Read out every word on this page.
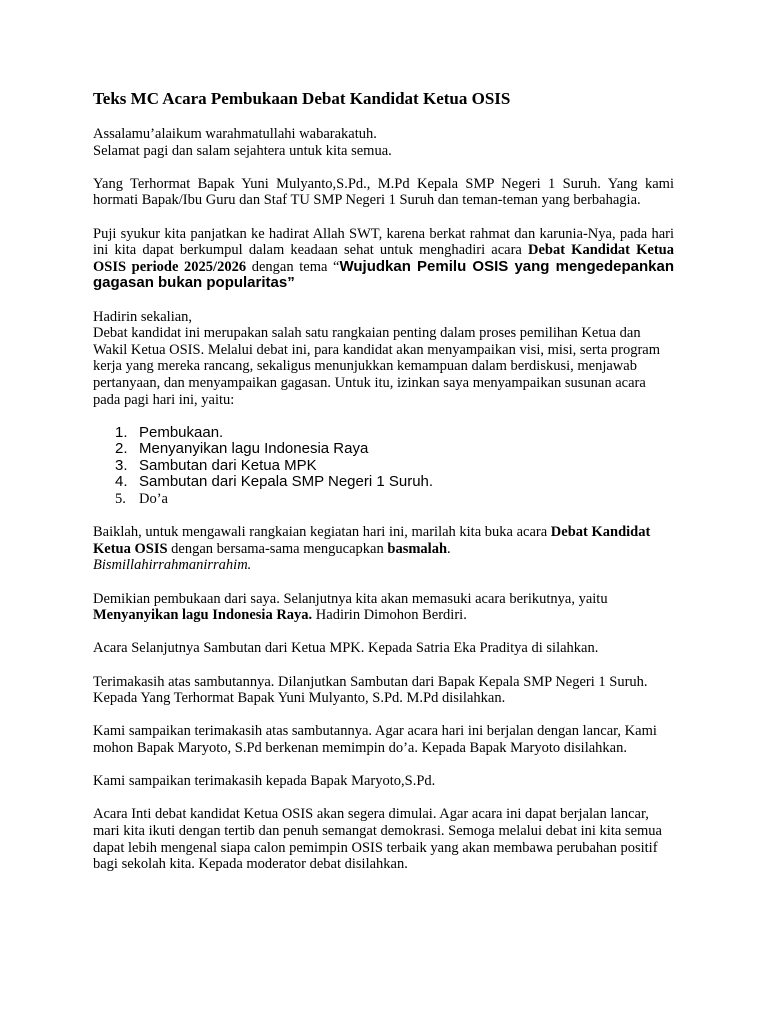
Teks MC Acara Pembukaan Debat Kandidat Ketua OSIS

Assalamu’alaikum warahmatullahi wabarakatuh.
Selamat pagi dan salam sejahtera untuk kita semua.

Yang Terhormat Bapak Yuni Mulyanto,S.Pd., M.Pd Kepala SMP Negeri 1 Suruh. Yang kami hormati Bapak/Ibu Guru dan Staf TU SMP Negeri 1 Suruh dan teman-teman yang berbahagia.

Puji syukur kita panjatkan ke hadirat Allah SWT, karena berkat rahmat dan karunia-Nya, pada hari ini kita dapat berkumpul dalam keadaan sehat untuk menghadiri acara Debat Kandidat Ketua OSIS periode 2025/2026 dengan tema “Wujudkan Pemilu OSIS yang mengedepankan gagasan bukan popularitas”

Hadirin sekalian,
Debat kandidat ini merupakan salah satu rangkaian penting dalam proses pemilihan Ketua dan Wakil Ketua OSIS. Melalui debat ini, para kandidat akan menyampaikan visi, misi, serta program kerja yang mereka rancang, sekaligus menunjukkan kemampuan dalam berdiskusi, menjawab pertanyaan, dan menyampaikan gagasan. Untuk itu, izinkan saya menyampaikan susunan acara pada pagi hari ini, yaitu:

1. Pembukaan.
2. Menyanyikan lagu Indonesia Raya
3. Sambutan dari Ketua MPK
4. Sambutan dari Kepala SMP Negeri 1 Suruh.
5. Do’a

Baiklah, untuk mengawali rangkaian kegiatan hari ini, marilah kita buka acara Debat Kandidat Ketua OSIS dengan bersama-sama mengucapkan basmalah.
Bismillahirrahmanirrahim.

Demikian pembukaan dari saya. Selanjutnya kita akan memasuki acara berikutnya, yaitu Menyanyikan lagu Indonesia Raya. Hadirin Dimohon Berdiri.

Acara Selanjutnya Sambutan dari Ketua MPK. Kepada Satria Eka Praditya di silahkan.

Terimakasih atas sambutannya. Dilanjutkan Sambutan dari Bapak Kepala SMP Negeri 1 Suruh. Kepada Yang Terhormat Bapak Yuni Mulyanto, S.Pd. M.Pd disilahkan.

Kami sampaikan terimakasih atas sambutannya. Agar acara hari ini berjalan dengan lancar, Kami mohon Bapak Maryoto, S.Pd berkenan memimpin do’a. Kepada Bapak Maryoto disilahkan.

Kami sampaikan terimakasih kepada Bapak Maryoto,S.Pd.

Acara Inti debat kandidat Ketua OSIS akan segera dimulai. Agar acara ini dapat berjalan lancar, mari kita ikuti dengan tertib dan penuh semangat demokrasi. Semoga melalui debat ini kita semua dapat lebih mengenal siapa calon pemimpin OSIS terbaik yang akan membawa perubahan positif bagi sekolah kita. Kepada moderator debat disilahkan.
